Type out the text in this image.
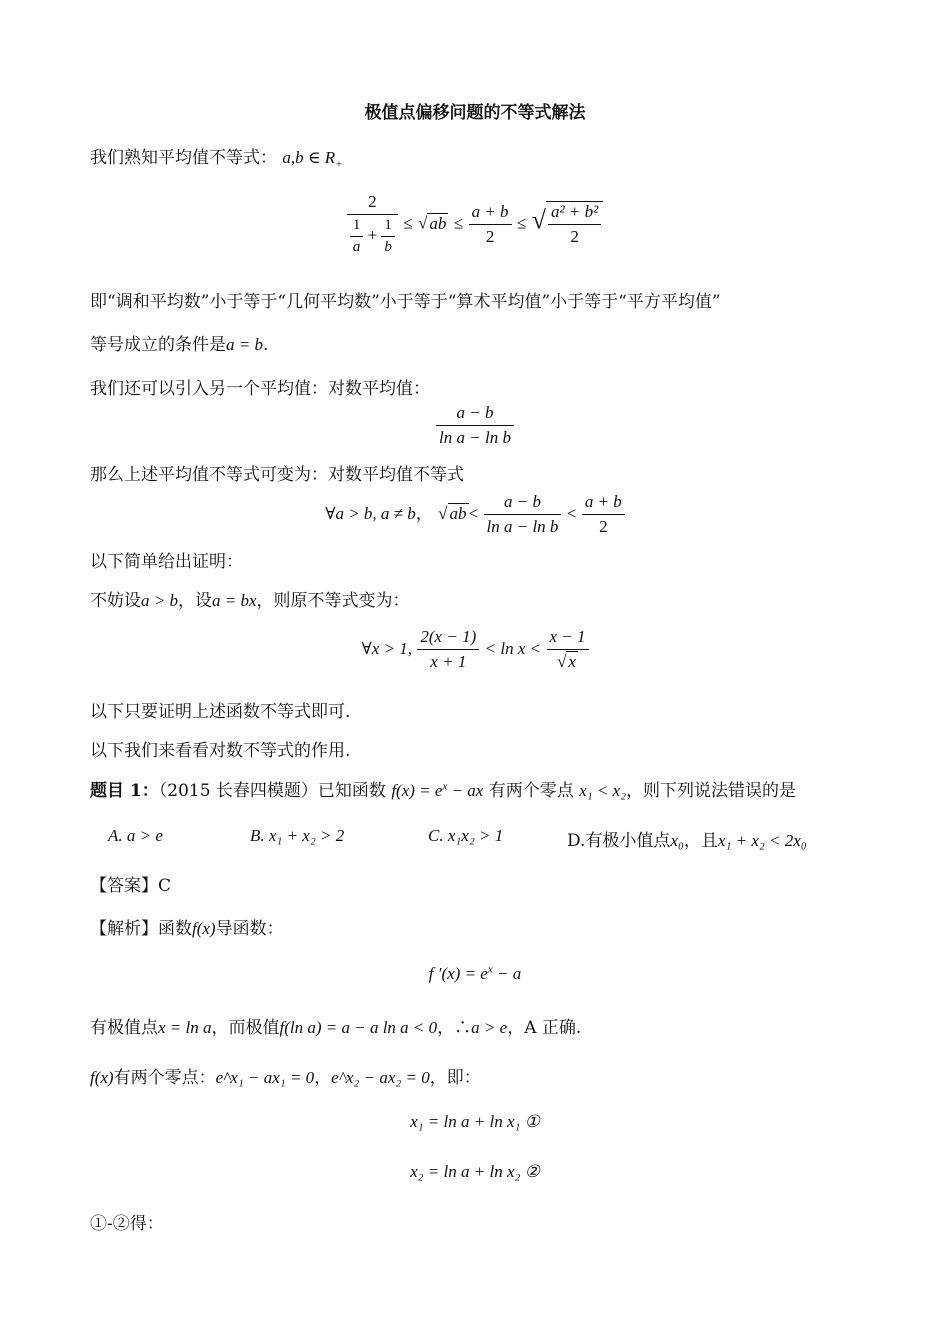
极值点偏移问题的不等式解法
我们熟知平均值不等式： a,b ∈ $R_+$
$\frac{2}{\frac{1}{a} + \frac{1}{b}}$ ≤ √ ab ≤ $\frac{a + b}{2}$ ≤ √ $\frac{\text{a² + b²}}{2}$
即“调和平均数”小于等于“几何平均数”小于等于“算术平均值”小于等于“平方平均值”
等号成立的条件是a = b.
我们还可以引入另一个平均值：对数平均值：
$\frac{a - b}{\text{ln a − ln b}}$
那么上述平均值不等式可变为：对数平均值不等式
∀a > b, a ≠ b， √ ab < $\frac{a - b}{\text{ln a − ln b}} < \frac{a + b}{2}$
以下简单给出证明：
不妨设a > b，设a = bx，则原不等式变为：
∀x > 1, $\frac{2(x - 1)}{x + 1} < \ln x < \frac{x - 1}{√ x}$
以下只要证明上述函数不等式即可.
以下我们来看看对数不等式的作用.
题目 1：（2015 长春四模题）已知函数 $f(x) = e^x$ − ax 有两个零点 x₁ < x₂，则下列说法错误的是
A. a > e	B. x₁ + x₂ > 2	C. x₁x₂ > 1	D.有极小值点x₀，且x₁ + x₂ < 2x₀
【答案】C
【解析】函数f(x)导函数：
f $'(x) = e^x - a$
有极值点x = ln a，而极值f(ln a) = a − a ln a < 0，∴a > e，A 正确.
f(x)有两个零点：e^x₁ − ax₁ = 0，e^x₂ − ax₂ = 0，即：
x₁ = ln a + ln x₁ ①
x₂ = ln a + ln x₂ ②
①-②得：
